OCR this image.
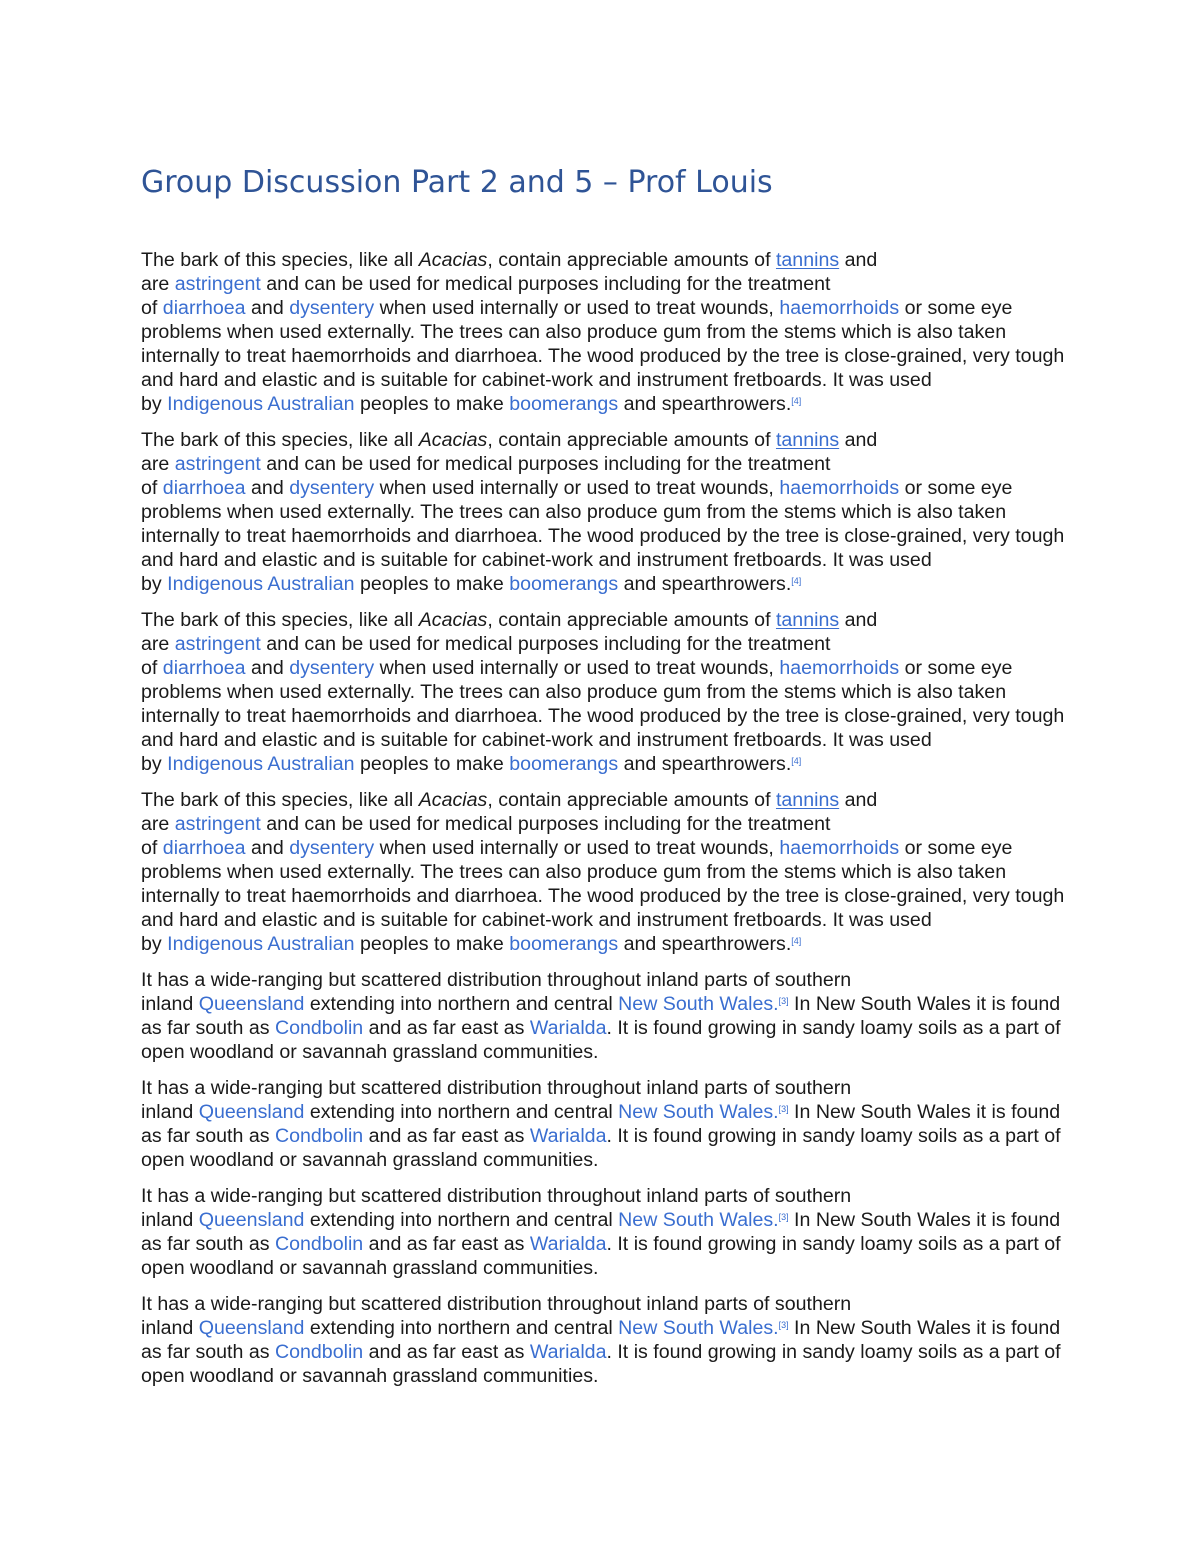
Group Discussion Part 2 and 5 – Prof Louis

The bark of this species, like all Acacias, contain appreciable amounts of tannins and
are astringent and can be used for medical purposes including for the treatment
of diarrhoea and dysentery when used internally or used to treat wounds, haemorrhoids or some eye problems when used externally. The trees can also produce gum from the stems which is also taken internally to treat haemorrhoids and diarrhoea. The wood produced by the tree is close-grained, very tough and hard and elastic and is suitable for cabinet-work and instrument fretboards. It was used
by Indigenous Australian peoples to make boomerangs and spearthrowers.[4]

The bark of this species, like all Acacias, contain appreciable amounts of tannins and
are astringent and can be used for medical purposes including for the treatment
of diarrhoea and dysentery when used internally or used to treat wounds, haemorrhoids or some eye problems when used externally. The trees can also produce gum from the stems which is also taken internally to treat haemorrhoids and diarrhoea. The wood produced by the tree is close-grained, very tough and hard and elastic and is suitable for cabinet-work and instrument fretboards. It was used
by Indigenous Australian peoples to make boomerangs and spearthrowers.[4]

The bark of this species, like all Acacias, contain appreciable amounts of tannins and
are astringent and can be used for medical purposes including for the treatment
of diarrhoea and dysentery when used internally or used to treat wounds, haemorrhoids or some eye problems when used externally. The trees can also produce gum from the stems which is also taken internally to treat haemorrhoids and diarrhoea. The wood produced by the tree is close-grained, very tough and hard and elastic and is suitable for cabinet-work and instrument fretboards. It was used
by Indigenous Australian peoples to make boomerangs and spearthrowers.[4]

The bark of this species, like all Acacias, contain appreciable amounts of tannins and
are astringent and can be used for medical purposes including for the treatment
of diarrhoea and dysentery when used internally or used to treat wounds, haemorrhoids or some eye problems when used externally. The trees can also produce gum from the stems which is also taken internally to treat haemorrhoids and diarrhoea. The wood produced by the tree is close-grained, very tough and hard and elastic and is suitable for cabinet-work and instrument fretboards. It was used
by Indigenous Australian peoples to make boomerangs and spearthrowers.[4]

It has a wide-ranging but scattered distribution throughout inland parts of southern
inland Queensland extending into northern and central New South Wales.[3] In New South Wales it is found as far south as Condbolin and as far east as Warialda. It is found growing in sandy loamy soils as a part of open woodland or savannah grassland communities.

It has a wide-ranging but scattered distribution throughout inland parts of southern
inland Queensland extending into northern and central New South Wales.[3] In New South Wales it is found as far south as Condbolin and as far east as Warialda. It is found growing in sandy loamy soils as a part of open woodland or savannah grassland communities.

It has a wide-ranging but scattered distribution throughout inland parts of southern
inland Queensland extending into northern and central New South Wales.[3] In New South Wales it is found as far south as Condbolin and as far east as Warialda. It is found growing in sandy loamy soils as a part of open woodland or savannah grassland communities.

It has a wide-ranging but scattered distribution throughout inland parts of southern
inland Queensland extending into northern and central New South Wales.[3] In New South Wales it is found as far south as Condbolin and as far east as Warialda. It is found growing in sandy loamy soils as a part of open woodland or savannah grassland communities.
